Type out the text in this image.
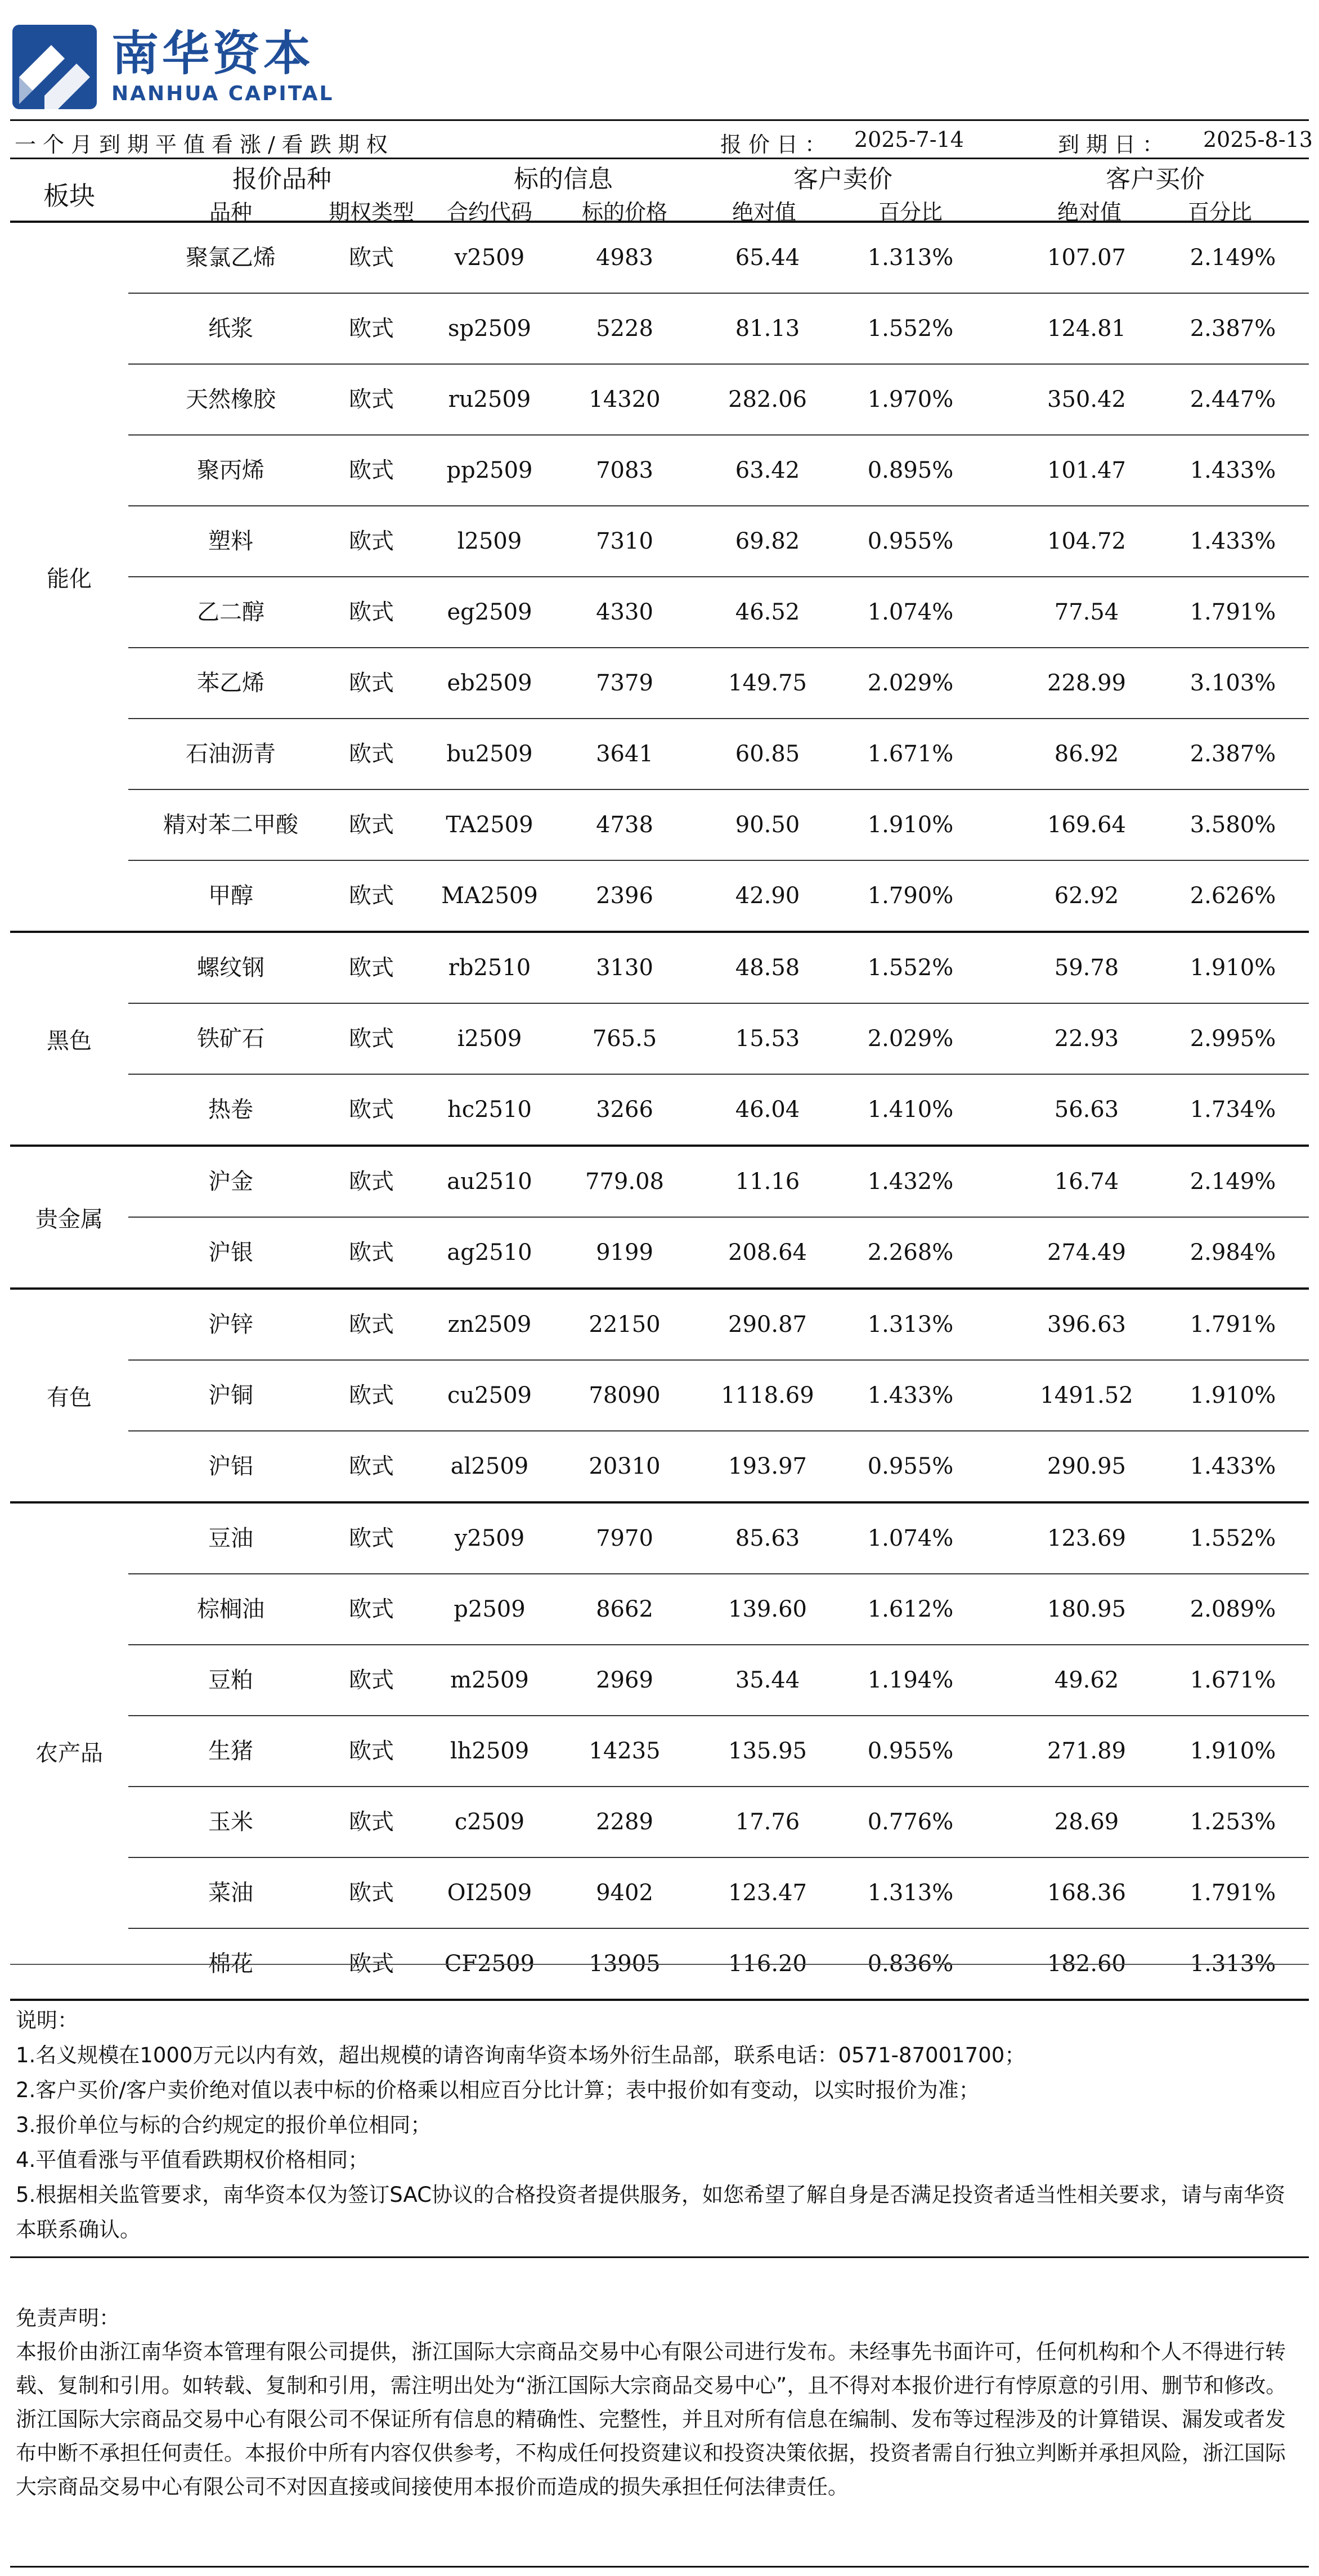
南华资本
NANHUA CAPITAL
一个月到期平值看涨/看跌期权	报价日： 2025-7-14	到期日： 2025-8-13
板块
报价品种	标的信息	客户卖价	客户买价
品种	期权类型 合约代码 标的价格	绝对值	百分比	绝对值	百分比
能化
聚氯乙烯	欧式	v2509	4983	65.44	1.313%	107.07	2.149%
纸浆	欧式 sp2509	5228	81.13	1.552%	124.81	2.387%
天然橡胶	欧式 ru2509	14320	282.06	1.970%	350.42	2.447%
聚丙烯	欧式 pp2509	7083	63.42	0.895%	101.47	1.433%
塑料	欧式	l2509	7310	69.82	0.955%	104.72	1.433%
乙二醇	欧式 eg2509	4330	46.52	1.074%	77.54	1.791%
苯乙烯	欧式 eb2509	7379	149.75	2.029%	228.99	3.103%
石油沥青	欧式 bu2509	3641	60.85	1.671%	86.92	2.387%
精对苯二甲酸 欧式 TA2509	4738	90.50	1.910%	169.64	3.580%
甲醇	欧式 MA2509	2396	42.90	1.790%	62.92	2.626%
黑色
螺纹钢	欧式 rb2510	3130	48.58	1.552%	59.78	1.910%
铁矿石	欧式	i2509	765.5	15.53	2.029%	22.93	2.995%
热卷	欧式 hc2510	3266	46.04	1.410%	56.63	1.734%
贵金属
沪金	欧式 au2510 779.08	11.16	1.432%	16.74	2.149%
沪银	欧式 ag2510	9199	208.64	2.268%	274.49	2.984%
有色
沪锌	欧式 zn2509	22150	290.87	1.313%	396.63	1.791%
沪铜	欧式 cu2509	78090	1118.69 1.433%	1491.52	1.910%
沪铝	欧式	al2509	20310	193.97	0.955%	290.95	1.433%
农产品
豆油	欧式	y2509	7970	85.63	1.074%	123.69	1.552%
棕榈油	欧式	p2509	8662	139.60	1.612%	180.95	2.089%
豆粕	欧式	m2509	2969	35.44	1.194%	49.62	1.671%
生猪	欧式 lh2509	14235	135.95	0.955%	271.89	1.910%
玉米	欧式	c2509	2289	17.76	0.776%	28.69	1.253%
菜油	欧式 OI2509	9402	123.47	1.313%	168.36	1.791%
棉花	欧式 CF2509 13905	116.20	0.836%	182.60	1.313%

说明：

1.名义规模在1000万元以内有效，超出规模的请咨询南华资本场外衍生品部，联系电话：0571-87001700；

2.客户买价/客户卖价绝对值以表中标的价格乘以相应百分比计算；表中报价如有变动，以实时报价为准；

3.报价单位与标的合约规定的报价单位相同；

4.平值看涨与平值看跌期权价格相同；

5.根据相关监管要求，南华资本仅为签订SAC协议的合格投资者提供服务，如您希望了解自身是否满足投资者适当性相关要求，请与南华资本联系确认。

免责声明：

本报价由浙江南华资本管理有限公司提供，浙江国际大宗商品交易中心有限公司进行发布。未经事先书面许可，任何机构和个人不得进行转载、复制和引用。如转载、复制和引用，需注明出处为“浙江国际大宗商品交易中心”，且不得对本报价进行有悖原意的引用、删节和修改。浙江国际大宗商品交易中心有限公司不保证所有信息的精确性、完整性，并且对所有信息在编制、发布等过程涉及的计算错误、漏发或者发布中断不承担任何责任。本报价中所有内容仅供参考，不构成任何投资建议和投资决策依据，投资者需自行独立判断并承担风险，浙江国际大宗商品交易中心有限公司不对因直接或间接使用本报价而造成的损失承担任何法律责任。
